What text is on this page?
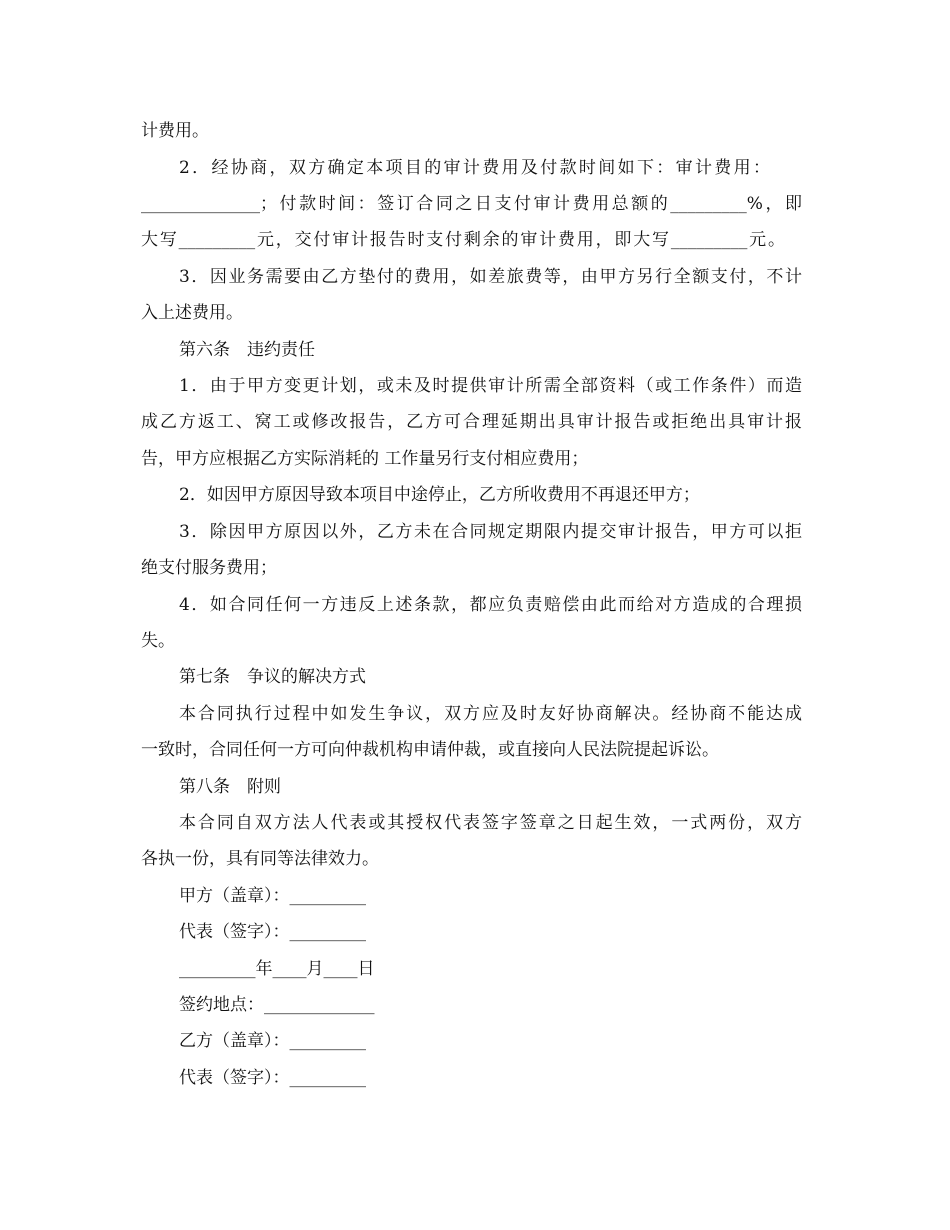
计费用。
2．经协商，双方确定本项目的审计费用及付款时间如下：审计费用：
______________；付款时间：签订合同之日支付审计费用总额的_________%，即
大写_________元，交付审计报告时支付剩余的审计费用，即大写_________元。
3．因业务需要由乙方垫付的费用，如差旅费等，由甲方另行全额支付，不计
入上述费用。
第六条　违约责任
1．由于甲方变更计划，或未及时提供审计所需全部资料（或工作条件）而造
成乙方返工、窝工或修改报告，乙方可合理延期出具审计报告或拒绝出具审计报
告，甲方应根据乙方实际消耗的 工作量另行支付相应费用；
2．如因甲方原因导致本项目中途停止，乙方所收费用不再退还甲方；
3．除因甲方原因以外，乙方未在合同规定期限内提交审计报告，甲方可以拒
绝支付服务费用；
4．如合同任何一方违反上述条款，都应负责赔偿由此而给对方造成的合理损
失。
第七条　争议的解决方式
本合同执行过程中如发生争议，双方应及时友好协商解决。经协商不能达成
一致时，合同任何一方可向仲裁机构申请仲裁，或直接向人民法院提起诉讼。
第八条　附则
本合同自双方法人代表或其授权代表签字签章之日起生效，一式两份，双方
各执一份，具有同等法律效力。
甲方（盖章）：_________
代表（签字）：_________
_________年____月____日
签约地点：_____________
乙方（盖章）：_________
代表（签字）：_________
